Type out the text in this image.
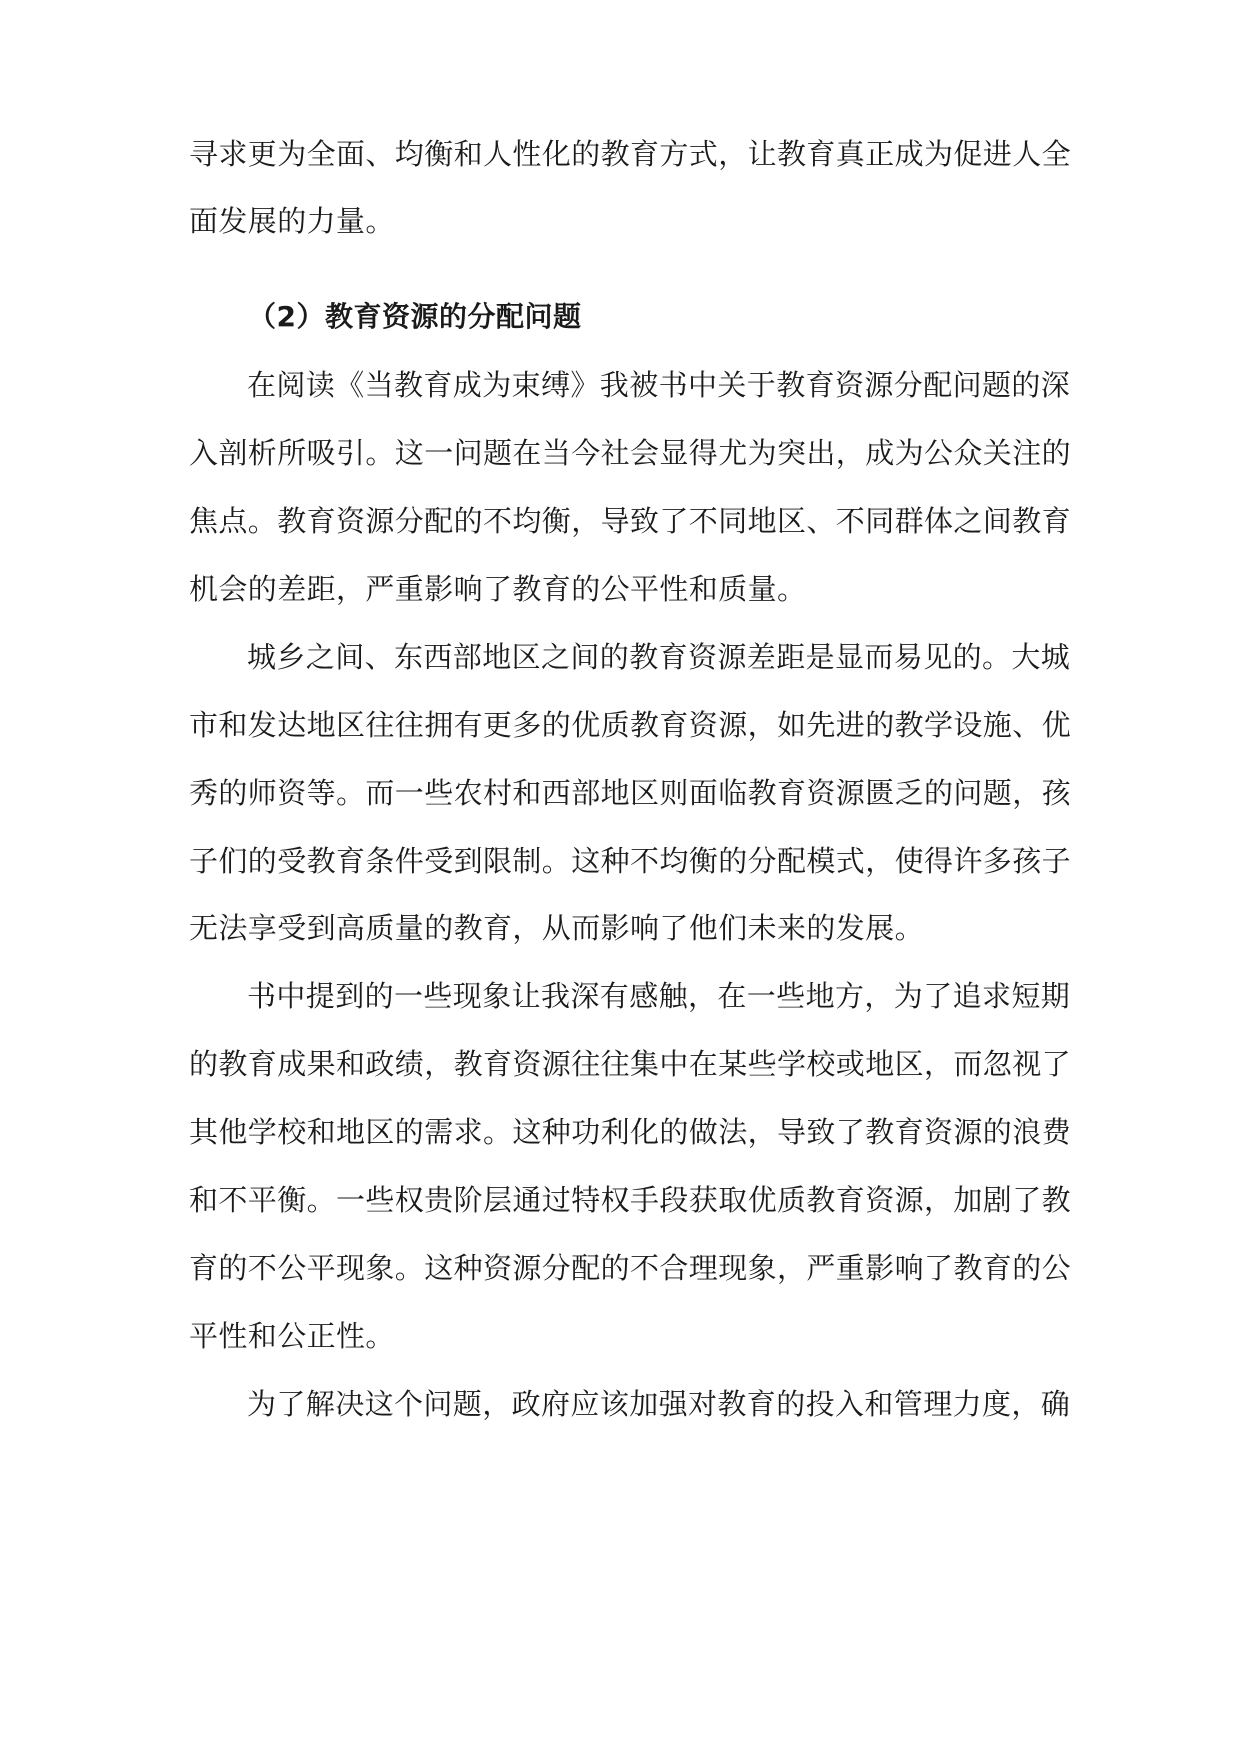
寻求更为全面、均衡和人性化的教育方式，让教育真正成为促进人全
面发展的力量。
（2）教育资源的分配问题
在阅读《当教育成为束缚》我被书中关于教育资源分配问题的深
入剖析所吸引。这一问题在当今社会显得尤为突出，成为公众关注的
焦点。教育资源分配的不均衡，导致了不同地区、不同群体之间教育
机会的差距，严重影响了教育的公平性和质量。
城乡之间、东西部地区之间的教育资源差距是显而易见的。大城
市和发达地区往往拥有更多的优质教育资源，如先进的教学设施、优
秀的师资等。而一些农村和西部地区则面临教育资源匮乏的问题，孩
子们的受教育条件受到限制。这种不均衡的分配模式，使得许多孩子
无法享受到高质量的教育，从而影响了他们未来的发展。
书中提到的一些现象让我深有感触，在一些地方，为了追求短期
的教育成果和政绩，教育资源往往集中在某些学校或地区，而忽视了
其他学校和地区的需求。这种功利化的做法，导致了教育资源的浪费
和不平衡。一些权贵阶层通过特权手段获取优质教育资源，加剧了教
育的不公平现象。这种资源分配的不合理现象，严重影响了教育的公
平性和公正性。
为了解决这个问题，政府应该加强对教育的投入和管理力度，确
